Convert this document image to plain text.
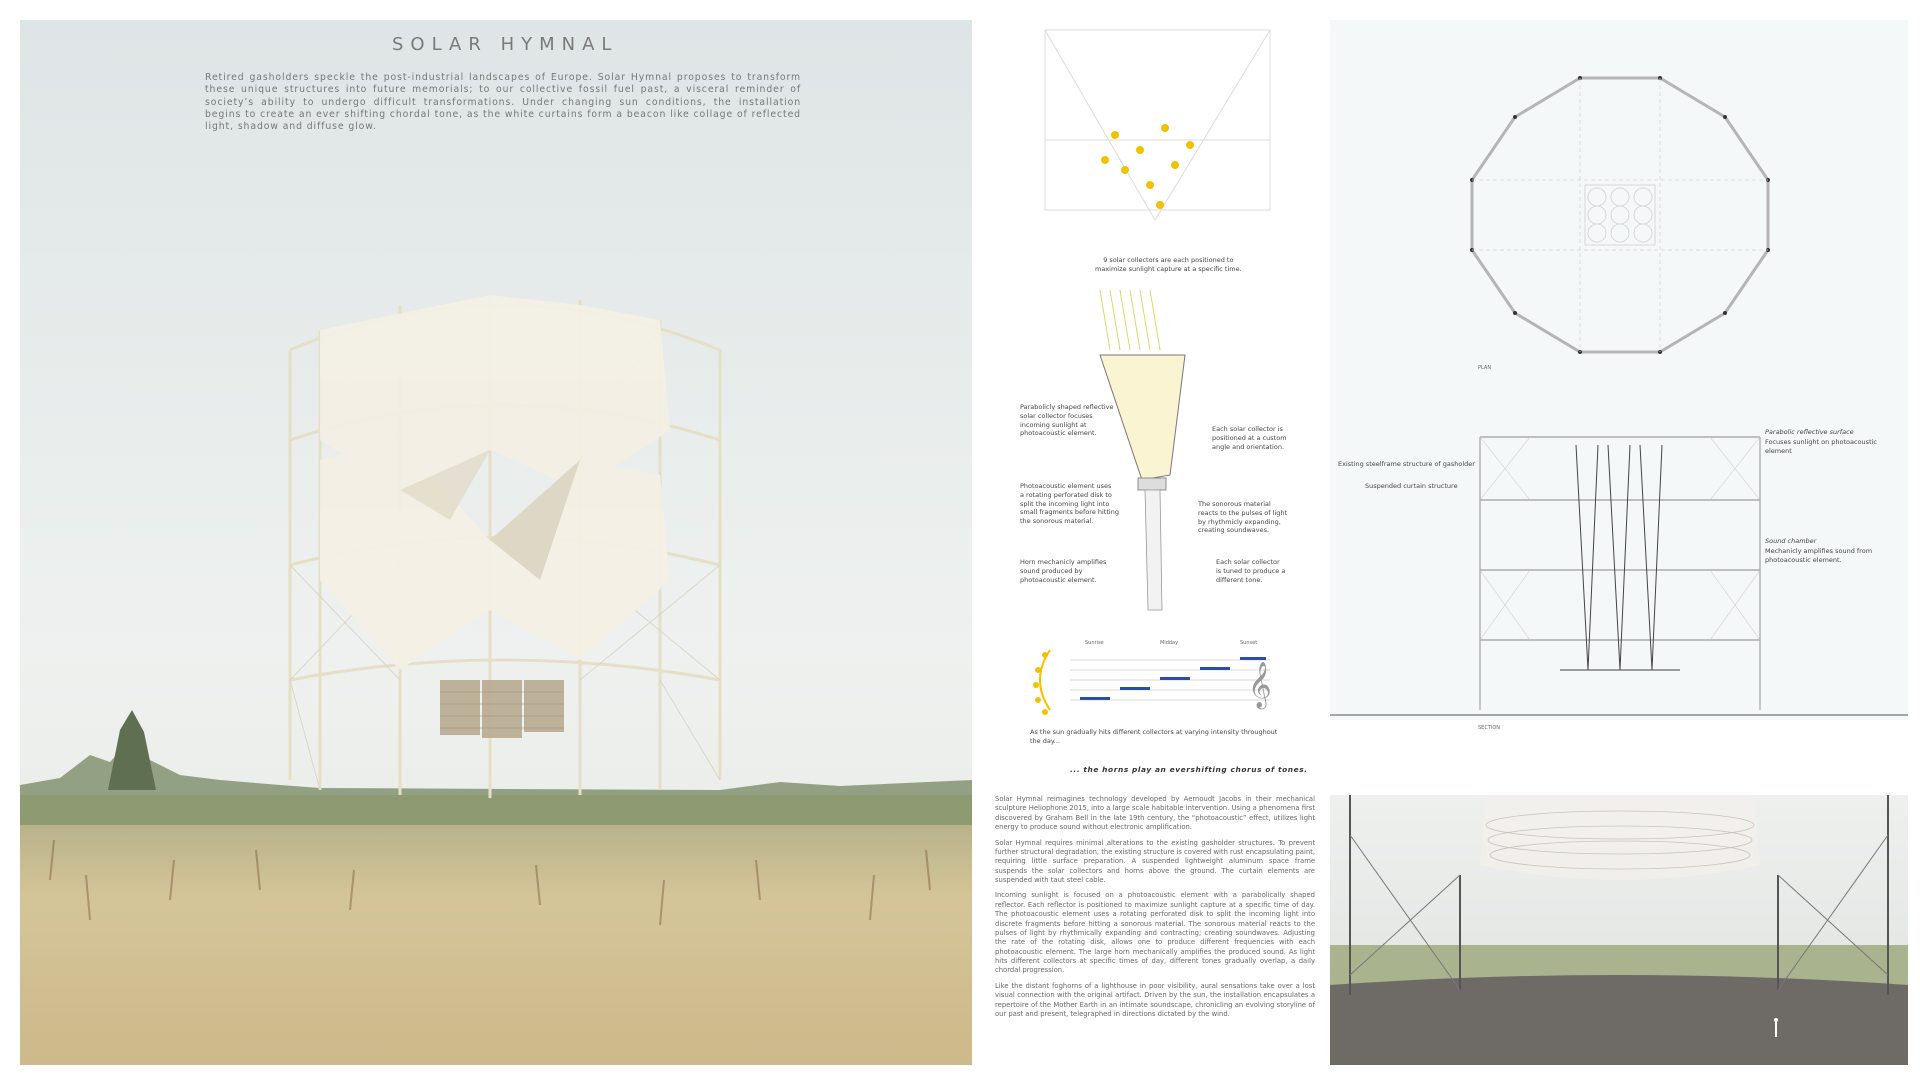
SOLAR HYMNAL
Retired gasholders speckle the post-industrial landscapes of Europe. Solar Hymnal proposes to transform these unique structures into future memorials; to our collective fossil fuel past, a visceral reminder of society’s ability to undergo difficult transformations. Under changing sun conditions, the installation begins to create an ever shifting chordal tone, as the white curtains form a beacon like collage of reflected light, shadow and diffuse glow.
9 solar collectors are each positioned to
maximize sunlight capture at a specific time.
Parabolicly shaped reflective
solar collector focuses
incoming sunlight at
photoacoustic element.
Each solar collector is
positioned at a custom
angle and orientation.
Photoacoustic element uses
a rotating perforated disk to
split the incoming light into
small fragments before hitting
the sonorous material.
The sonorous material
reacts to the pulses of light
by rhythmicly expanding,
creating soundwaves.
Horn mechanicly amplifies
sound produced by
photoacoustic element.
Each solar collector
is tuned to produce a
different tone.
𝄞
Sunrise	Midday	Sunset
As the sun gradually hits different collectors at varying intensity throughout
the day...
... the horns play an evershifting chorus of tones.

Solar Hymnal reimagines technology developed by Aernoudt Jacobs in their mechanical sculpture Heliophone 2015, into a large scale habitable intervention. Using a phenomena first discovered by Graham Bell in the late 19th century, the “photoacoustic” effect, utilizes light energy to produce sound without electronic amplification.

Solar Hymnal requires minimal alterations to the existing gasholder structures. To prevent further structural degradation, the existing structure is covered with rust encapsulating paint, requiring little surface preparation. A suspended lightweight aluminum space frame suspends the solar collectors and horns above the ground. The curtain elements are suspended with taut steel cable.

Incoming sunlight is focused on a photoacoustic element with a parabolically shaped reflector. Each reflector is positioned to maximize sunlight capture at a specific time of day. The photoacoustic element uses a rotating perforated disk to split the incoming light into discrete fragments before hitting a sonorous material. The sonorous material reacts to the pulses of light by rhythmically expanding and contracting; creating soundwaves. Adjusting the rate of the rotating disk, allows one to produce different frequencies with each photoacoustic element. The large horn mechanically amplifies the produced sound. As light hits different collectors at specific times of day, different tones gradually overlap, a daily chordal progression.

Like the distant foghorns of a lighthouse in poor visibility, aural sensations take over a lost visual connection with the original artifact. Driven by the sun, the installation encapsulates a repertoire of the Mother Earth in an intimate soundscape, chronicling an evolving storyline of our past and present, telegraphed in directions dictated by the wind.

PLAN
SECTION
Existing steelframe structure of gasholder
Suspended curtain structure
Parabolic reflective surface
Focuses sunlight on photoacoustic
element
Sound chamber
Mechanicly amplifies sound from
photoacoustic element.
